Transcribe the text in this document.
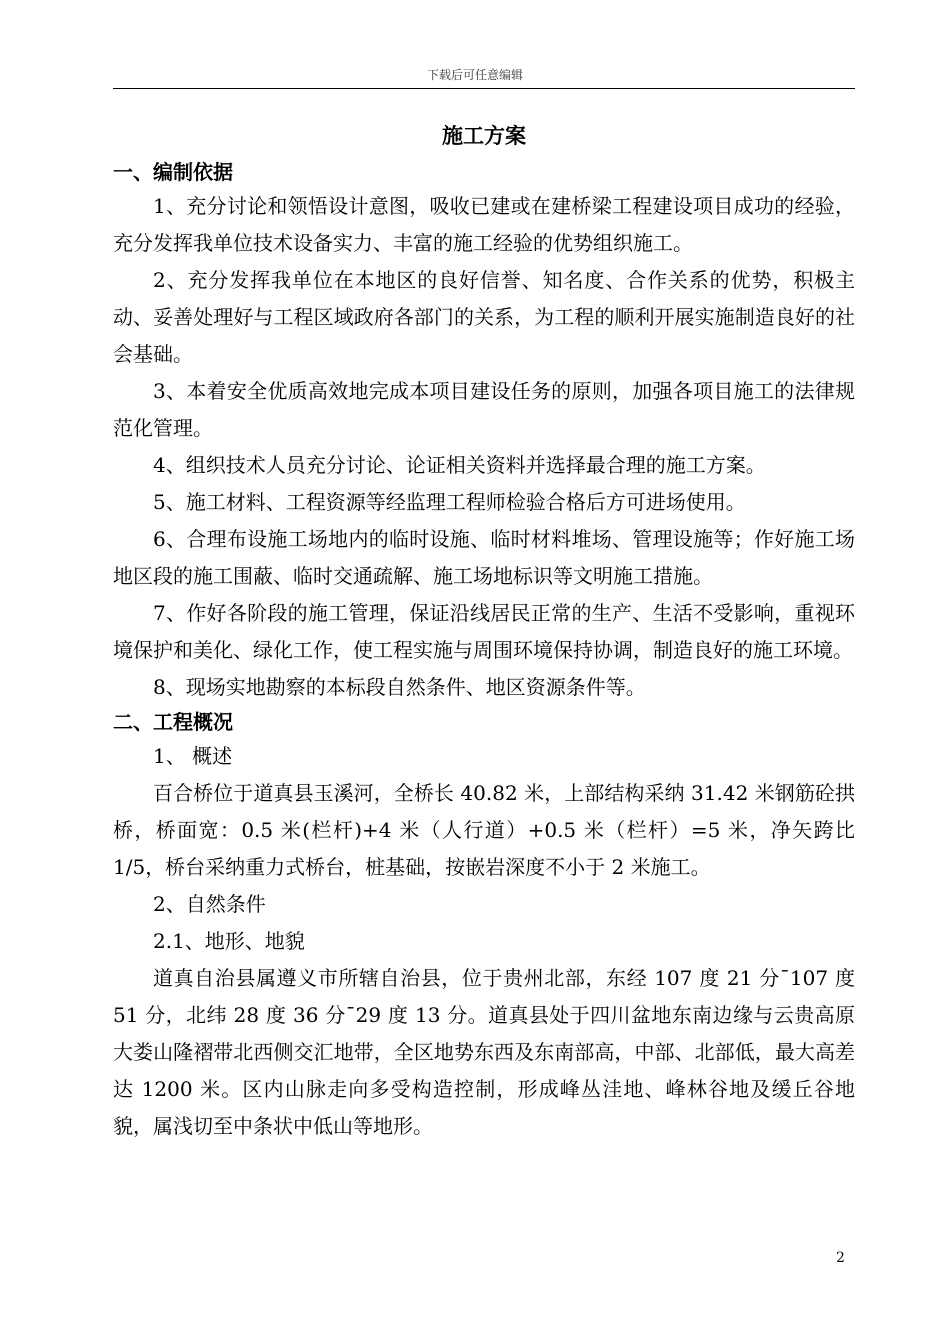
下载后可任意编辑
施工方案
一、编制依据

1、充分讨论和领悟设计意图，吸收已建或在建桥梁工程建设项目成功的经验，充分发挥我单位技术设备实力、丰富的施工经验的优势组织施工。

2、充分发挥我单位在本地区的良好信誉、知名度、合作关系的优势，积极主动、妥善处理好与工程区域政府各部门的关系，为工程的顺利开展实施制造良好的社会基础。

3、本着安全优质高效地完成本项目建设任务的原则，加强各项目施工的法律规范化管理。

4、组织技术人员充分讨论、论证相关资料并选择最合理的施工方案。

5、施工材料、工程资源等经监理工程师检验合格后方可进场使用。

6、合理布设施工场地内的临时设施、临时材料堆场、管理设施等；作好施工场地区段的施工围蔽、临时交通疏解、施工场地标识等文明施工措施。

7、作好各阶段的施工管理，保证沿线居民正常的生产、生活不受影响，重视环境保护和美化、绿化工作，使工程实施与周围环境保持协调，制造良好的施工环境。

8、现场实地勘察的本标段自然条件、地区资源条件等。

二、工程概况

1、 概述

百合桥位于道真县玉溪河，全桥长 40.82 米，上部结构采纳 31.42 米钢筋砼拱桥，桥面宽：0.5 米(栏杆)+4 米（人行道）+0.5 米（栏杆）=5 米，净矢跨比 1/5，桥台采纳重力式桥台，桩基础，按嵌岩深度不小于 2 米施工。

2、自然条件

2.1、地形、地貌

道真自治县属遵义市所辖自治县，位于贵州北部，东经 107 度 21 分¯107 度 51 分，北纬 28 度 36 分¯29 度 13 分。道真县处于四川盆地东南边缘与云贵高原大娄山隆褶带北西侧交汇地带，全区地势东西及东南部高，中部、北部低，最大高差达 1200 米。区内山脉走向多受构造控制，形成峰丛洼地、峰林谷地及缓丘谷地貌，属浅切至中条状中低山等地形。

2
